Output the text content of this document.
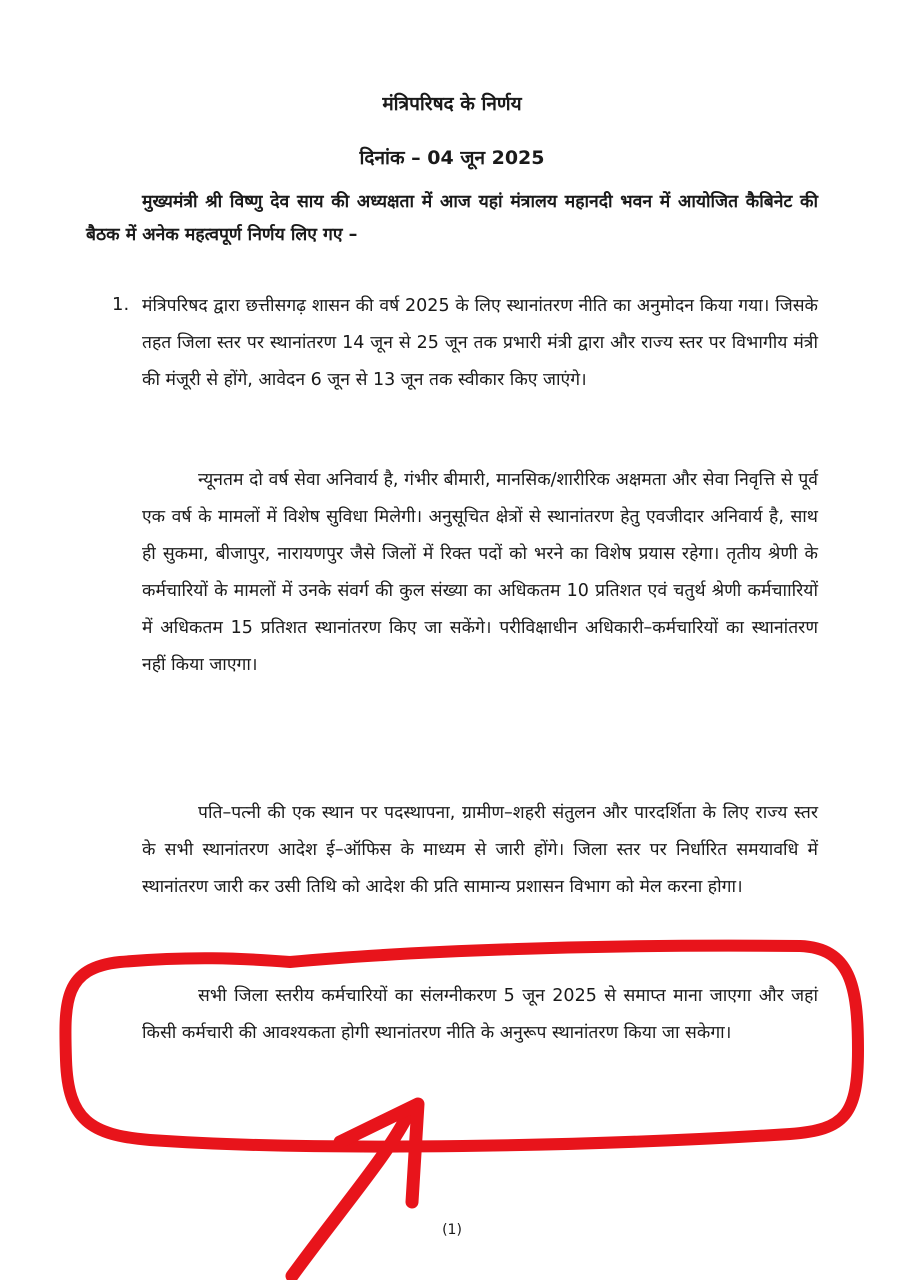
मंत्रिपरिषद के निर्णय
दिनांक – 04 जून 2025
मुख्यमंत्री श्री विष्णु देव साय की अध्यक्षता में आज यहां मंत्रालय महानदी भवन में आयोजित कैबिनेट की बैठक में अनेक महत्वपूर्ण निर्णय लिए गए –
1. मंत्रिपरिषद द्वारा छत्तीसगढ़ शासन की वर्ष 2025 के लिए स्थानांतरण नीति का अनुमोदन किया गया। जिसके तहत जिला स्तर पर स्थानांतरण 14 जून से 25 जून तक प्रभारी मंत्री द्वारा और राज्य स्तर पर विभागीय मंत्री की मंजूरी से होंगे, आवेदन 6 जून से 13 जून तक स्वीकार किए जाएंगे।
न्यूनतम दो वर्ष सेवा अनिवार्य है, गंभीर बीमारी, मानसिक/शारीरिक अक्षमता और सेवा निवृत्ति से पूर्व एक वर्ष के मामलों में विशेष सुविधा मिलेगी। अनुसूचित क्षेत्रों से स्थानांतरण हेतु एवजीदार अनिवार्य है, साथ ही सुकमा, बीजापुर, नारायणपुर जैसे जिलों में रिक्त पदों को भरने का विशेष प्रयास रहेगा। तृतीय श्रेणी के कर्मचारियों के मामलों में उनके संवर्ग की कुल संख्या का अधिकतम 10 प्रतिशत एवं चतुर्थ श्रेणी कर्मचाारियों में अधिकतम 15 प्रतिशत स्थानांतरण किए जा सकेंगे। परीविक्षाधीन अधिकारी–कर्मचारियों का स्थानांतरण नहीं किया जाएगा।
पति–पत्नी की एक स्थान पर पदस्थापना, ग्रामीण–शहरी संतुलन और पारदर्शिता के लिए राज्य स्तर के सभी स्थानांतरण आदेश ई–ऑफिस के माध्यम से जारी होंगे। जिला स्तर पर निर्धारित समयावधि में स्थानांतरण जारी कर उसी तिथि को आदेश की प्रति सामान्य प्रशासन विभाग को मेल करना होगा।
सभी जिला स्तरीय कर्मचारियों का संलग्नीकरण 5 जून 2025 से समाप्त माना जाएगा और जहां किसी कर्मचारी की आवश्यकता होगी स्थानांतरण नीति के अनुरूप स्थानांतरण किया जा सकेगा।
(1)
